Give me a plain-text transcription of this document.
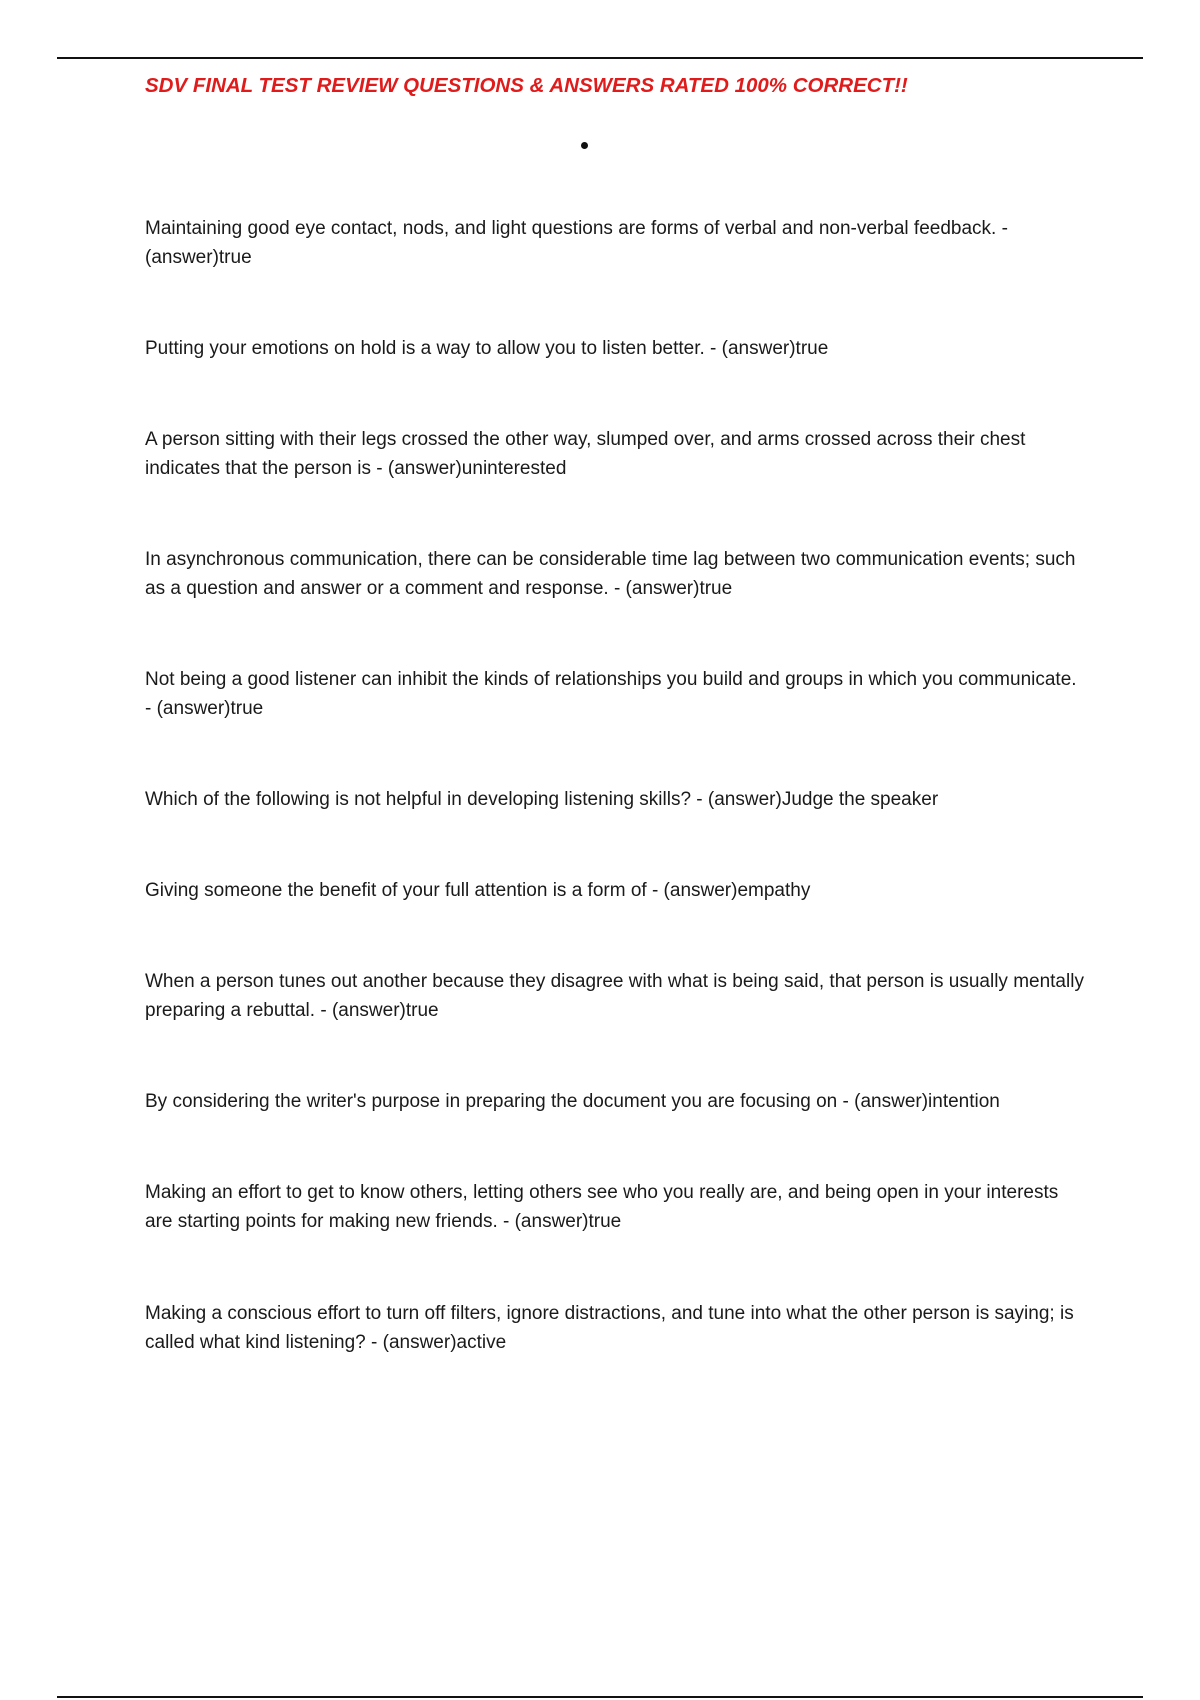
SDV FINAL TEST REVIEW QUESTIONS & ANSWERS RATED 100% CORRECT!!

Maintaining good eye contact, nods, and light questions are forms of verbal and non-verbal feedback. - (answer)true

Putting your emotions on hold is a way to allow you to listen better. - (answer)true

A person sitting with their legs crossed the other way, slumped over, and arms crossed across their chest indicates that the person is - (answer)uninterested

In asynchronous communication, there can be considerable time lag between two communication events; such as a question and answer or a comment and response. - (answer)true

Not being a good listener can inhibit the kinds of relationships you build and groups in which you communicate. - (answer)true

Which of the following is not helpful in developing listening skills? - (answer)Judge the speaker

Giving someone the benefit of your full attention is a form of - (answer)empathy

When a person tunes out another because they disagree with what is being said, that person is usually mentally preparing a rebuttal. - (answer)true

By considering the writer's purpose in preparing the document you are focusing on - (answer)intention

Making an effort to get to know others, letting others see who you really are, and being open in your interests are starting points for making new friends. - (answer)true

Making a conscious effort to turn off filters, ignore distractions, and tune into what the other person is saying; is called what kind listening? - (answer)active
